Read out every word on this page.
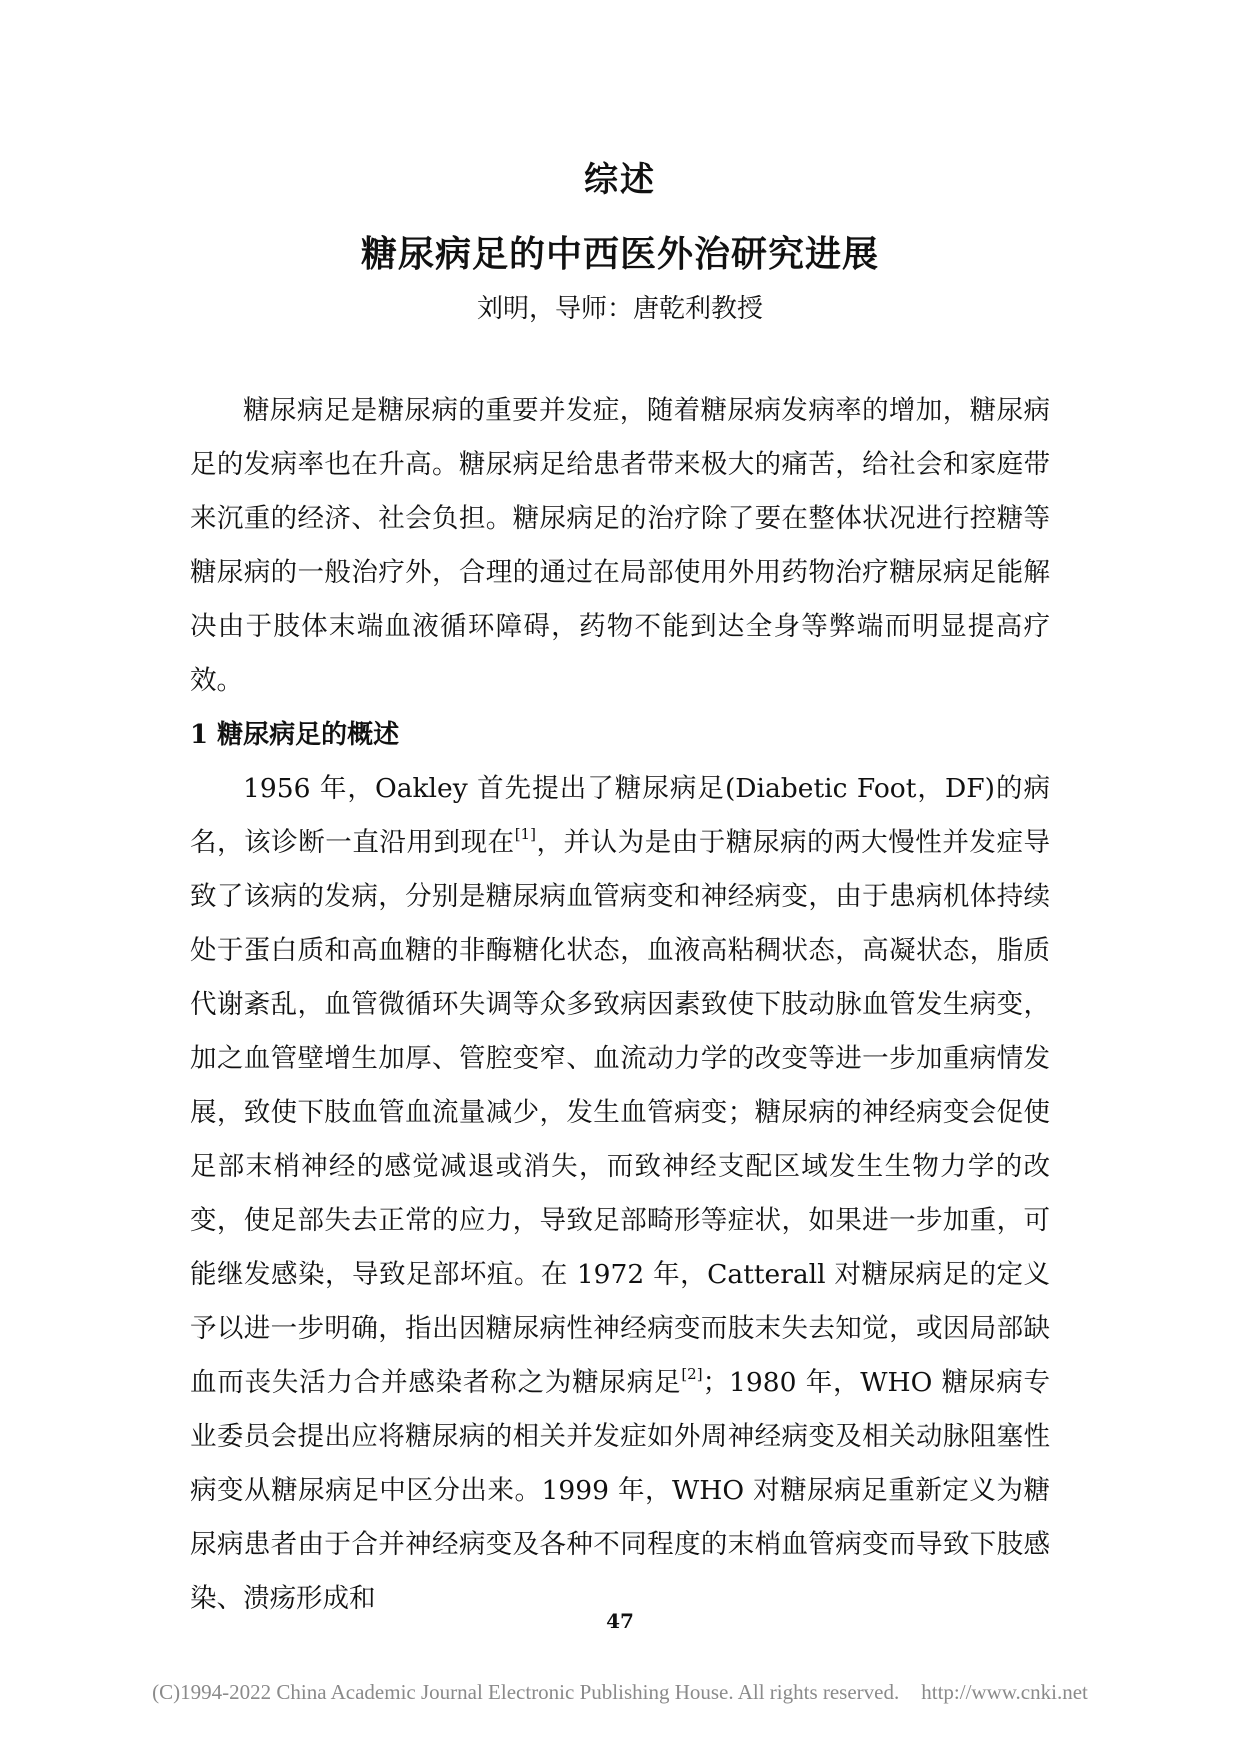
综述
糖尿病足的中西医外治研究进展
刘明，导师：唐乾利教授

糖尿病足是糖尿病的重要并发症，随着糖尿病发病率的增加，糖尿病足的发病率也在升高。糖尿病足给患者带来极大的痛苦，给社会和家庭带来沉重的经济、社会负担。糖尿病足的治疗除了要在整体状况进行控糖等糖尿病的一般治疗外，合理的通过在局部使用外用药物治疗糖尿病足能解决由于肢体末端血液循环障碍，药物不能到达全身等弊端而明显提高疗效。

1 糖尿病足的概述

1956 年，Oakley 首先提出了糖尿病足(Diabetic Foot，DF)的病名，该诊断一直沿用到现在[1]，并认为是由于糖尿病的两大慢性并发症导致了该病的发病，分别是糖尿病血管病变和神经病变，由于患病机体持续处于蛋白质和高血糖的非酶糖化状态，血液高粘稠状态，高凝状态，脂质代谢紊乱，血管微循环失调等众多致病因素致使下肢动脉血管发生病变，加之血管壁增生加厚、管腔变窄、血流动力学的改变等进一步加重病情发展，致使下肢血管血流量减少，发生血管病变；糖尿病的神经病变会促使足部末梢神经的感觉减退或消失，而致神经支配区域发生生物力学的改变，使足部失去正常的应力，导致足部畸形等症状，如果进一步加重，可能继发感染，导致足部坏疽。在 1972 年，Catterall 对糖尿病足的定义予以进一步明确，指出因糖尿病性神经病变而肢末失去知觉，或因局部缺血而丧失活力合并感染者称之为糖尿病足[2]；1980 年，WHO 糖尿病专业委员会提出应将糖尿病的相关并发症如外周神经病变及相关动脉阻塞性病变从糖尿病足中区分出来。1999 年，WHO 对糖尿病足重新定义为糖尿病患者由于合并神经病变及各种不同程度的末梢血管病变而导致下肢感染、溃疡形成和

47
(C)1994-2022 China Academic Journal Electronic Publishing House. All rights reserved. http://www.cnki.net
